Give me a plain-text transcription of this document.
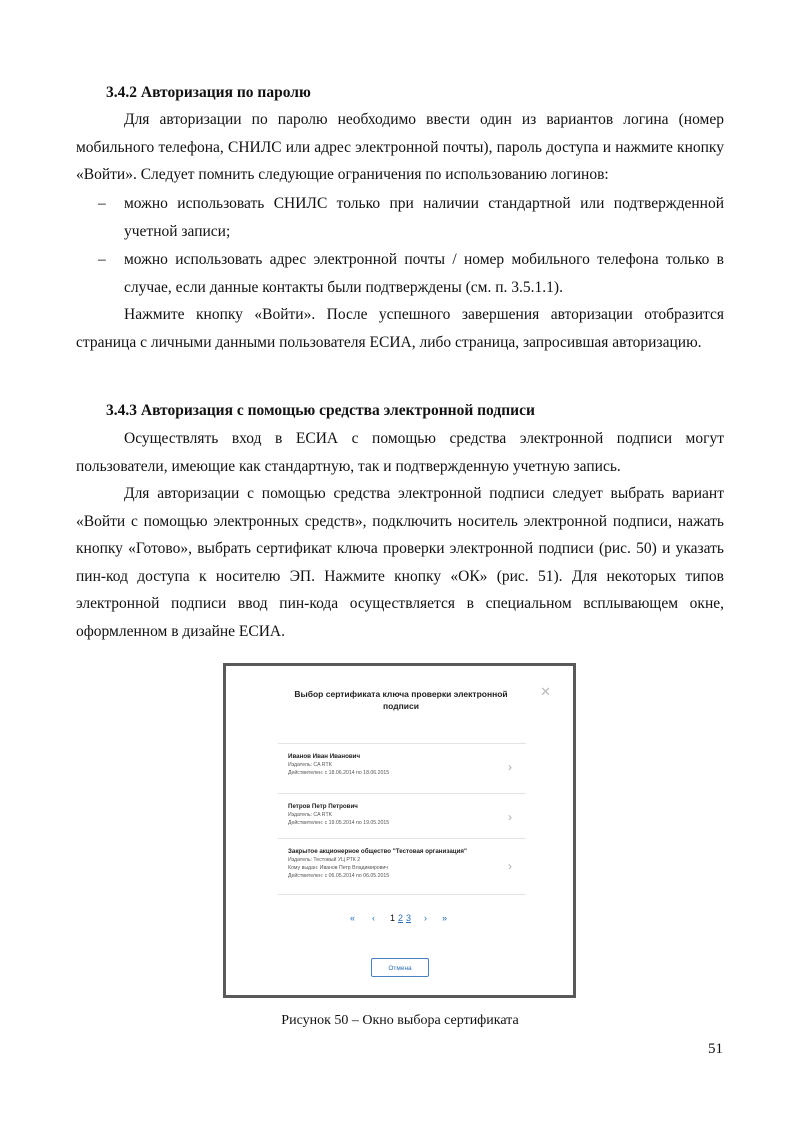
3.4.2 Авторизация по паролю

Для авторизации по паролю необходимо ввести один из вариантов логина (номер мобильного телефона, СНИЛС или адрес электронной почты), пароль доступа и нажмите кнопку «Войти». Следует помнить следующие ограничения по использованию логинов:

– можно использовать СНИЛС только при наличии стандартной или подтвержденной учетной записи;
– можно использовать адрес электронной почты / номер мобильного телефона только в случае, если данные контакты были подтверждены (см. п. 3.5.1.1).

Нажмите кнопку «Войти». После успешного завершения авторизации отобразится страница с личными данными пользователя ЕСИА, либо страница, запросившая авторизацию.

3.4.3 Авторизация с помощью средства электронной подписи

Осуществлять вход в ЕСИА с помощью средства электронной подписи могут пользователи, имеющие как стандартную, так и подтвержденную учетную запись.

Для авторизации с помощью средства электронной подписи следует выбрать вариант «Войти с помощью электронных средств», подключить носитель электронной подписи, нажать кнопку «Готово», выбрать сертификат ключа проверки электронной подписи (рис. 50) и указать пин-код доступа к носителю ЭП. Нажмите кнопку «ОК» (рис. 51). Для некоторых типов электронной подписи ввод пин-кода осуществляется в специальном всплывающем окне, оформленном в дизайне ЕСИА.

Выбор сертификата ключа проверки электронной подписи
✕
Иванов Иван Иванович
Издатель: CA RTK
Действителен: с 18.06.2014 по 18.06.2015	›
Петров Петр Петрович
Издатель: CA RTK
Действителен: с 19.05.2014 по 19.05.2015	›
Закрытое акционерное общество "Тестовая организация"
Издатель: Тестовый УЦ РТК 2
Кому выдан: Иванов Петр Владимирович
Действителен: с 06.05.2014 по 06.05.2015
›
« ‹ 1 2 3 › »
Отмена
Рисунок 50 – Окно выбора сертификата
51
